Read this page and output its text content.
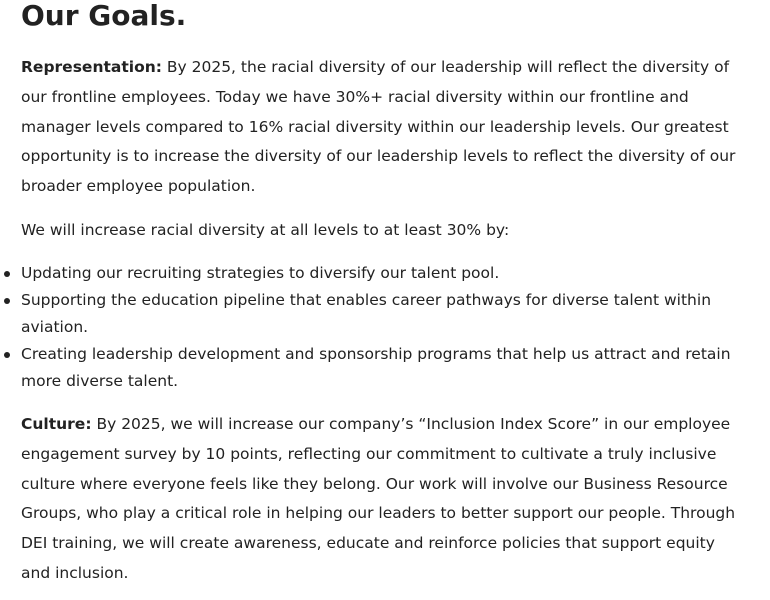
Our Goals.

Representation: By 2025, the racial diversity of our leadership will reflect the diversity of our frontline employees. Today we have 30%+ racial diversity within our frontline and manager levels compared to 16% racial diversity within our leadership levels. Our greatest opportunity is to increase the diversity of our leadership levels to reflect the diversity of our broader employee population.

We will increase racial diversity at all levels to at least 30% by:

Updating our recruiting strategies to diversify our talent pool.
Supporting the education pipeline that enables career pathways for diverse talent within aviation.
Creating leadership development and sponsorship programs that help us attract and retain more diverse talent.

Culture: By 2025, we will increase our company’s “Inclusion Index Score” in our employee engagement survey by 10 points, reflecting our commitment to cultivate a truly inclusive culture where everyone feels like they belong. Our work will involve our Business Resource Groups, who play a critical role in helping our leaders to better support our people. Through DEI training, we will create awareness, educate and reinforce policies that support equity and inclusion.
